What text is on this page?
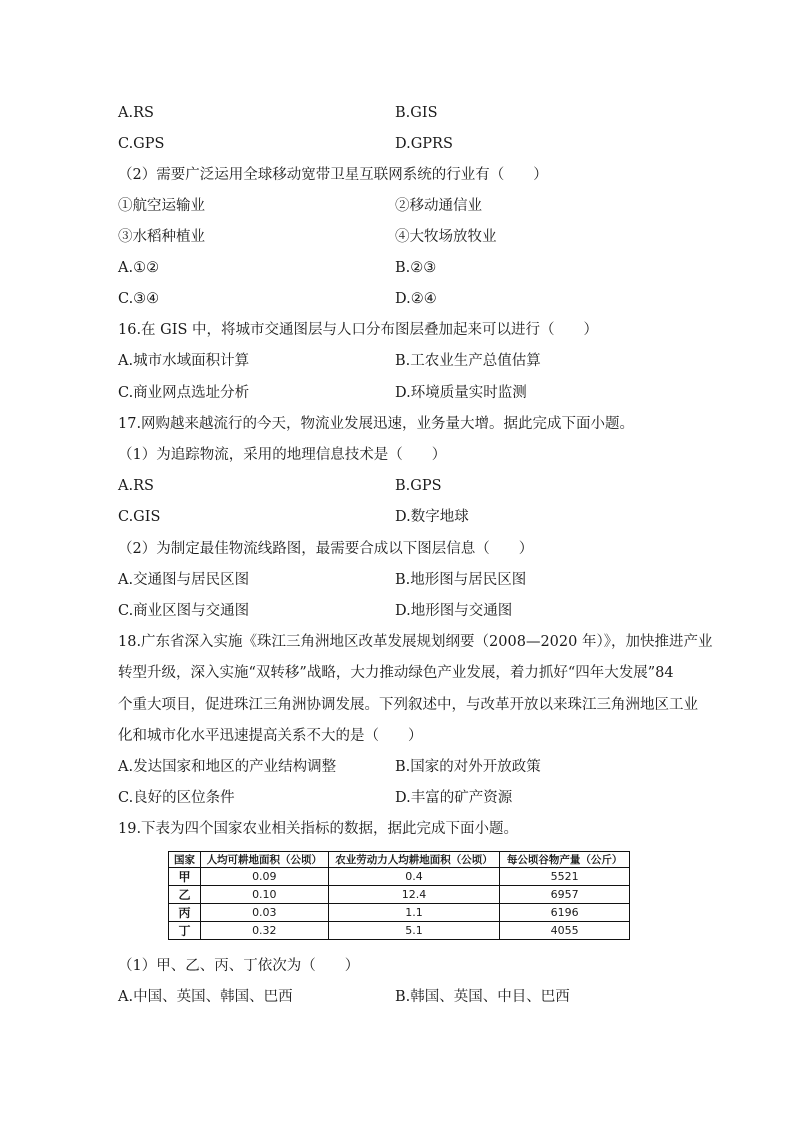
A.RS	B.GIS
C.GPS	D.GPRS
（2）需要广泛运用全球移动宽带卫星互联网系统的行业有（　　）
①航空运输业	②移动通信业
③水稻种植业	④大牧场放牧业
A.①②	B.②③
C.③④	D.②④
16.在 GIS 中，将城市交通图层与人口分布图层叠加起来可以进行（　　）
A.城市水域面积计算	B.工农业生产总值估算
C.商业网点选址分析	D.环境质量实时监测
17.网购越来越流行的今天，物流业发展迅速，业务量大增。据此完成下面小题。
（1）为追踪物流，采用的地理信息技术是（　　）
A.RS	B.GPS
C.GIS	D.数字地球
（2）为制定最佳物流线路图，最需要合成以下图层信息（　　）
A.交通图与居民区图	B.地形图与居民区图
C.商业区图与交通图	D.地形图与交通图
18.广东省深入实施《珠江三角洲地区改革发展规划纲要（2008—2020 年）》，加快推进产业
转型升级，深入实施“双转移”战略，大力推动绿色产业发展，着力抓好“四年大发展”84
个重大项目，促进珠江三角洲协调发展。下列叙述中，与改革开放以来珠江三角洲地区工业
化和城市化水平迅速提高关系不大的是（　　）
A.发达国家和地区的产业结构调整	B.国家的对外开放政策
C.良好的区位条件	D.丰富的矿产资源
19.下表为四个国家农业相关指标的数据，据此完成下面小题。
国家	人均可耕地面积（公顷）	农业劳动力人均耕地面积（公顷）	每公顷谷物产量（公斤）
甲	0.09	0.4	5521
乙	0.10	12.4	6957
丙	0.03	1.1	6196
丁	0.32	5.1	4055
（1）甲、乙、丙、丁依次为（　　）
A.中国、英国、韩国、巴西	B.韩国、英国、中目、巴西
